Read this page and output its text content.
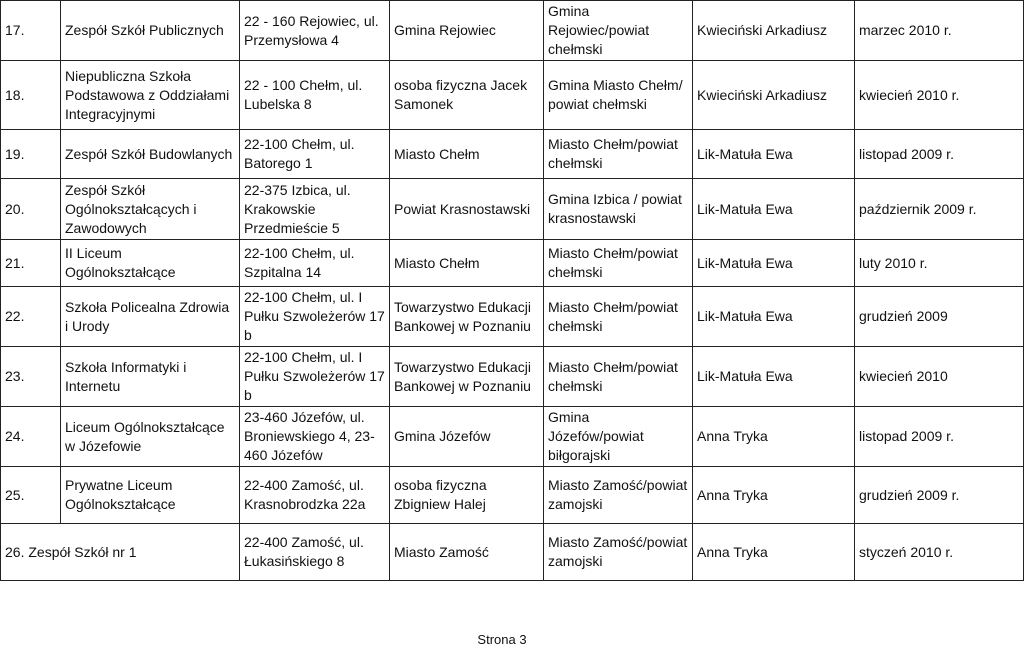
17.	Zespół Szkół Publicznych	22 - 160 Rejowiec, ul. Przemysłowa 4	Gmina Rejowiec	Gmina Rejowiec/powiat chełmski	Kwieciński Arkadiusz	marzec 2010 r.
18.	Niepubliczna Szkoła Podstawowa z Oddziałami Integracyjnymi	22 - 100 Chełm, ul. Lubelska 8	osoba fizyczna Jacek Samonek	Gmina Miasto Chełm/ powiat chełmski	Kwieciński Arkadiusz	kwiecień 2010 r.
19.	Zespół Szkół Budowlanych	22-100 Chełm, ul. Batorego 1	Miasto Chełm	Miasto Chełm/powiat chełmski	Lik-Matuła Ewa	listopad 2009 r.
20.	Zespół Szkół Ogólnokształcących i Zawodowych	22-375 Izbica, ul. Krakowskie Przedmieście 5	Powiat Krasnostawski	Gmina Izbica / powiat krasnostawski	Lik-Matuła Ewa	październik 2009 r.
21.	II Liceum Ogólnokształcące	22-100 Chełm, ul. Szpitalna 14	Miasto Chełm	Miasto Chełm/powiat chełmski	Lik-Matuła Ewa	luty 2010 r.
22.	Szkoła Policealna Zdrowia i Urody	22-100 Chełm, ul. I Pułku Szwoleżerów 17 b	Towarzystwo Edukacji Bankowej w Poznaniu	Miasto Chełm/powiat chełmski	Lik-Matuła Ewa	grudzień 2009
23.	Szkoła Informatyki i Internetu	22-100 Chełm, ul. I Pułku Szwoleżerów 17 b	Towarzystwo Edukacji Bankowej w Poznaniu	Miasto Chełm/powiat chełmski	Lik-Matuła Ewa	kwiecień 2010
24.	Liceum Ogólnokształcące w Józefowie	23-460 Józefów, ul. Broniewskiego 4, 23-460 Józefów	Gmina Józefów	Gmina Józefów/powiat biłgorajski	Anna Tryka	listopad 2009 r.
25.	Prywatne Liceum Ogólnokształcące	22-400 Zamość, ul. Krasnobrodzka 22a	osoba fizyczna Zbigniew Halej	Miasto Zamość/powiat zamojski	Anna Tryka	grudzień 2009 r.
26. Zespół Szkół nr 1		22-400 Zamość, ul. Łukasińskiego 8	Miasto Zamość	Miasto Zamość/powiat zamojski	Anna Tryka	styczeń 2010 r.
Strona 3
